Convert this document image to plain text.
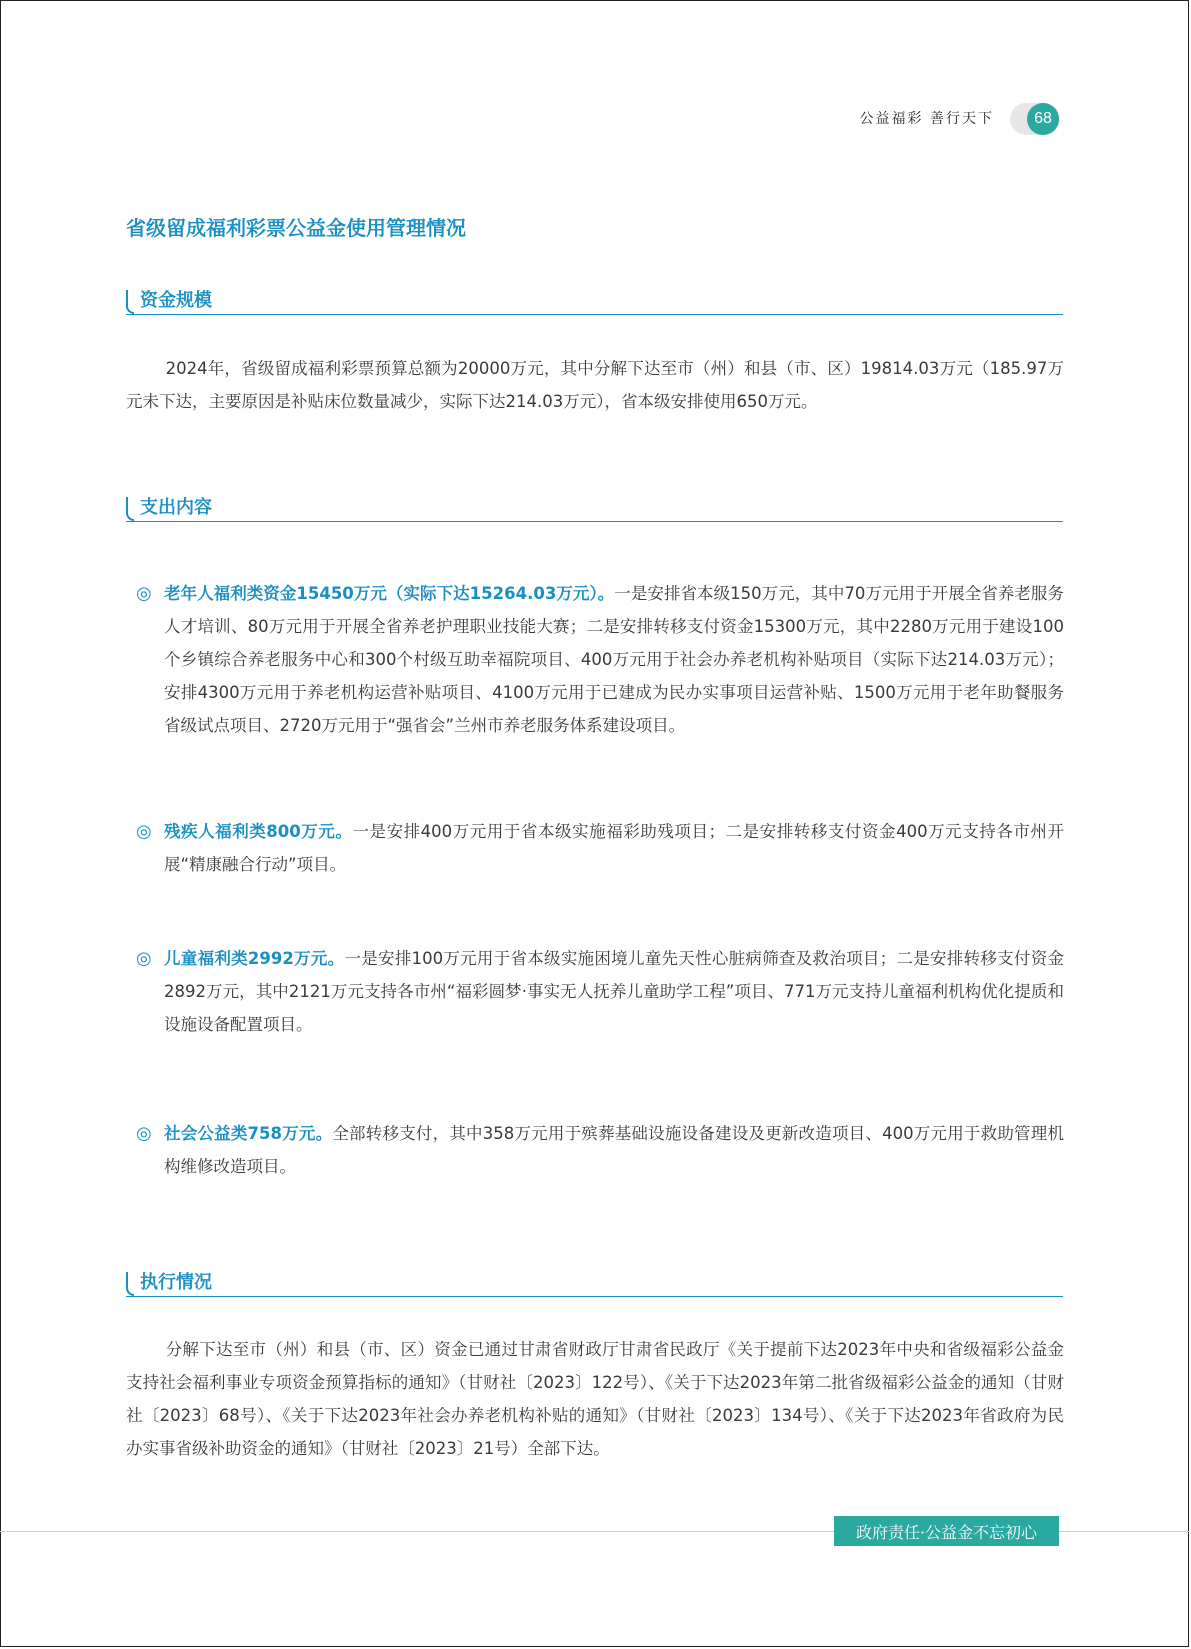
公益福彩 善行天下	68
省级留成福利彩票公益金使用管理情况
资金规模

2024年，省级留成福利彩票预算总额为20000万元，其中分解下达至市（州）和县（市、区）19814.03万元（185.97万元未下达，主要原因是补贴床位数量减少，实际下达214.03万元），省本级安排使用650万元。

支出内容
◎ 老年人福利类资金15450万元（实际下达15264.03万元）。一是安排省本级150万元，其中70万元用于开展全省养老服务人才培训、80万元用于开展全省养老护理职业技能大赛；二是安排转移支付资金15300万元，其中2280万元用于建设100个乡镇综合养老服务中心和300个村级互助幸福院项目、400万元用于社会办养老机构补贴项目（实际下达214.03万元）；安排4300万元用于养老机构运营补贴项目、4100万元用于已建成为民办实事项目运营补贴、1500万元用于老年助餐服务省级试点项目、2720万元用于“强省会”兰州市养老服务体系建设项目。
◎ 残疾人福利类800万元。一是安排400万元用于省本级实施福彩助残项目；二是安排转移支付资金400万元支持各市州开展“精康融合行动”项目。
◎ 儿童福利类2992万元。一是安排100万元用于省本级实施困境儿童先天性心脏病筛查及救治项目；二是安排转移支付资金2892万元，其中2121万元支持各市州“福彩圆梦·事实无人抚养儿童助学工程”项目、771万元支持儿童福利机构优化提质和设施设备配置项目。
◎ 社会公益类758万元。全部转移支付，其中358万元用于殡葬基础设施设备建设及更新改造项目、400万元用于救助管理机构维修改造项目。
执行情况

分解下达至市（州）和县（市、区）资金已通过甘肃省财政厅甘肃省民政厅《关于提前下达2023年中央和省级福彩公益金支持社会福利事业专项资金预算指标的通知》（甘财社〔2023〕122号）、《关于下达2023年第二批省级福彩公益金的通知（甘财社〔2023〕68号）、《关于下达2023年社会办养老机构补贴的通知》（甘财社〔2023〕134号）、《关于下达2023年省政府为民办实事省级补助资金的通知》（甘财社〔2023〕21号）全部下达。

政府责任·公益金不忘初心
